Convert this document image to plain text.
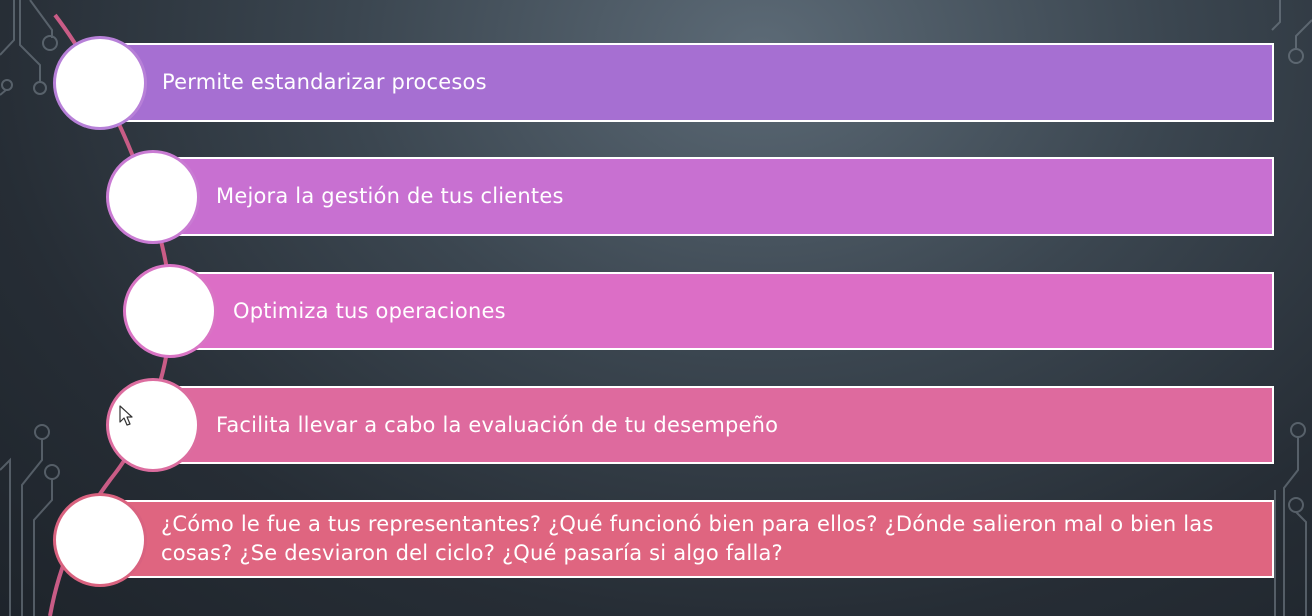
Permite estandarizar procesos
Mejora la gestión de tus clientes
Optimiza tus operaciones
Facilita llevar a cabo la evaluación de tu desempeño
¿Cómo le fue a tus representantes? ¿Qué funcionó bien para ellos? ¿Dónde salieron mal o bien las cosas? ¿Se desviaron del ciclo? ¿Qué pasaría si algo falla?
